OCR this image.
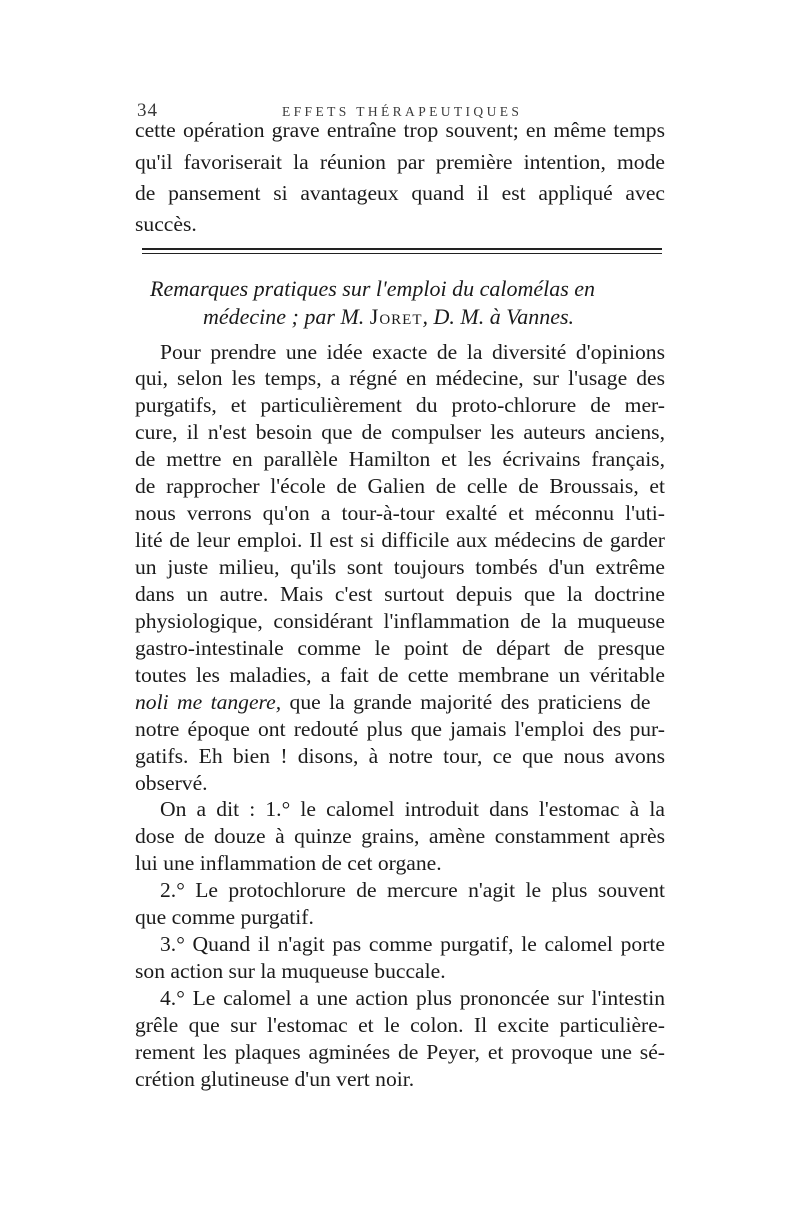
34	EFFETS THÉRAPEUTIQUES
cette opération grave entraîne trop souvent; en même temps
qu'il favoriserait la réunion par première intention, mode
de pansement si avantageux quand il est appliqué avec
succès.
Remarques pratiques sur l'emploi du calomélas en
médecine ; par M. Joret, D. M. à Vannes.
Pour prendre une idée exacte de la diversité d'opinions
qui, selon les temps, a régné en médecine, sur l'usage des
purgatifs, et particulièrement du proto-chlorure de mer-
cure, il n'est besoin que de compulser les auteurs anciens,
de mettre en parallèle Hamilton et les écrivains français,
de rapprocher l'école de Galien de celle de Broussais, et
nous verrons qu'on a tour-à-tour exalté et méconnu l'uti-
lité de leur emploi. Il est si difficile aux médecins de garder
un juste milieu, qu'ils sont toujours tombés d'un extrême
dans un autre. Mais c'est surtout depuis que la doctrine
physiologique, considérant l'inflammation de la muqueuse
gastro-intestinale comme le point de départ de presque
toutes les maladies, a fait de cette membrane un véritable
noli me tangere, que la grande majorité des praticiens de
notre époque ont redouté plus que jamais l'emploi des pur-
gatifs. Eh bien ! disons, à notre tour, ce que nous avons
observé.
On a dit : 1.° le calomel introduit dans l'estomac à la
dose de douze à quinze grains, amène constamment après
lui une inflammation de cet organe.
2.° Le protochlorure de mercure n'agit le plus souvent
que comme purgatif.
3.° Quand il n'agit pas comme purgatif, le calomel porte
son action sur la muqueuse buccale.
4.° Le calomel a une action plus prononcée sur l'intestin
grêle que sur l'estomac et le colon. Il excite particulière-
rement les plaques agminées de Peyer, et provoque une sé-
crétion glutineuse d'un vert noir.
